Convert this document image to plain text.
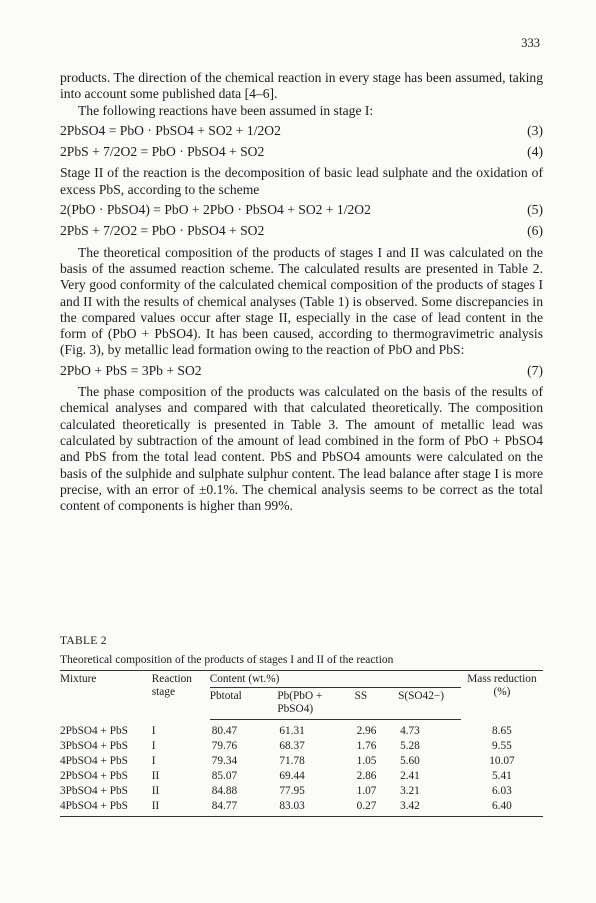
333

products. The direction of the chemical reaction in every stage has been assumed, taking into account some published data [4–6].

The following reactions have been assumed in stage I:

2PbSO4 = PbO · PbSO4 + SO2 + 1/2O2	(3)
2PbS + 7/2O2 = PbO · PbSO4 + SO2	(4)

Stage II of the reaction is the decomposition of basic lead sulphate and the oxidation of excess PbS, according to the scheme

2(PbO · PbSO4) = PbO + 2PbO · PbSO4 + SO2 + 1/2O2	(5)
2PbS + 7/2O2 = PbO · PbSO4 + SO2	(6)

The theoretical composition of the products of stages I and II was calculated on the basis of the assumed reaction scheme. The calculated results are presented in Table 2. Very good conformity of the calculated chemical composition of the products of stages I and II with the results of chemical analyses (Table 1) is observed. Some discrepancies in the compared values occur after stage II, especially in the case of lead content in the form of (PbO + PbSO4). It has been caused, according to thermogravimetric analysis (Fig. 3), by metallic lead formation owing to the reaction of PbO and PbS:

2PbO + PbS = 3Pb + SO2	(7)

The phase composition of the products was calculated on the basis of the results of chemical analyses and compared with that calculated theoretically. The composition calculated theoretically is presented in Table 3. The amount of metallic lead was calculated by subtraction of the amount of lead combined in the form of PbO + PbSO4 and PbS from the total lead content. PbS and PbSO4 amounts were calculated on the basis of the sulphide and sulphate sulphur content. The lead balance after stage I is more precise, with an error of ±0.1%. The chemical analysis seems to be correct as the total content of components is higher than 99%.

TABLE 2
Theoretical composition of the products of stages I and II of the reaction
Mixture	Reaction stage	Content (wt.%)				Mass reduction (%)
		Pbtotal	Pb(PbO + PbSO4)	SS	S(SO42−)	
2PbSO4 + PbS	I	80.47	61.31	2.96	4.73	8.65
3PbSO4 + PbS	I	79.76	68.37	1.76	5.28	9.55
4PbSO4 + PbS	I	79.34	71.78	1.05	5.60	10.07
2PbSO4 + PbS	II	85.07	69.44	2.86	2.41	5.41
3PbSO4 + PbS	II	84.88	77.95	1.07	3.21	6.03
4PbSO4 + PbS	II	84.77	83.03	0.27	3.42	6.40
